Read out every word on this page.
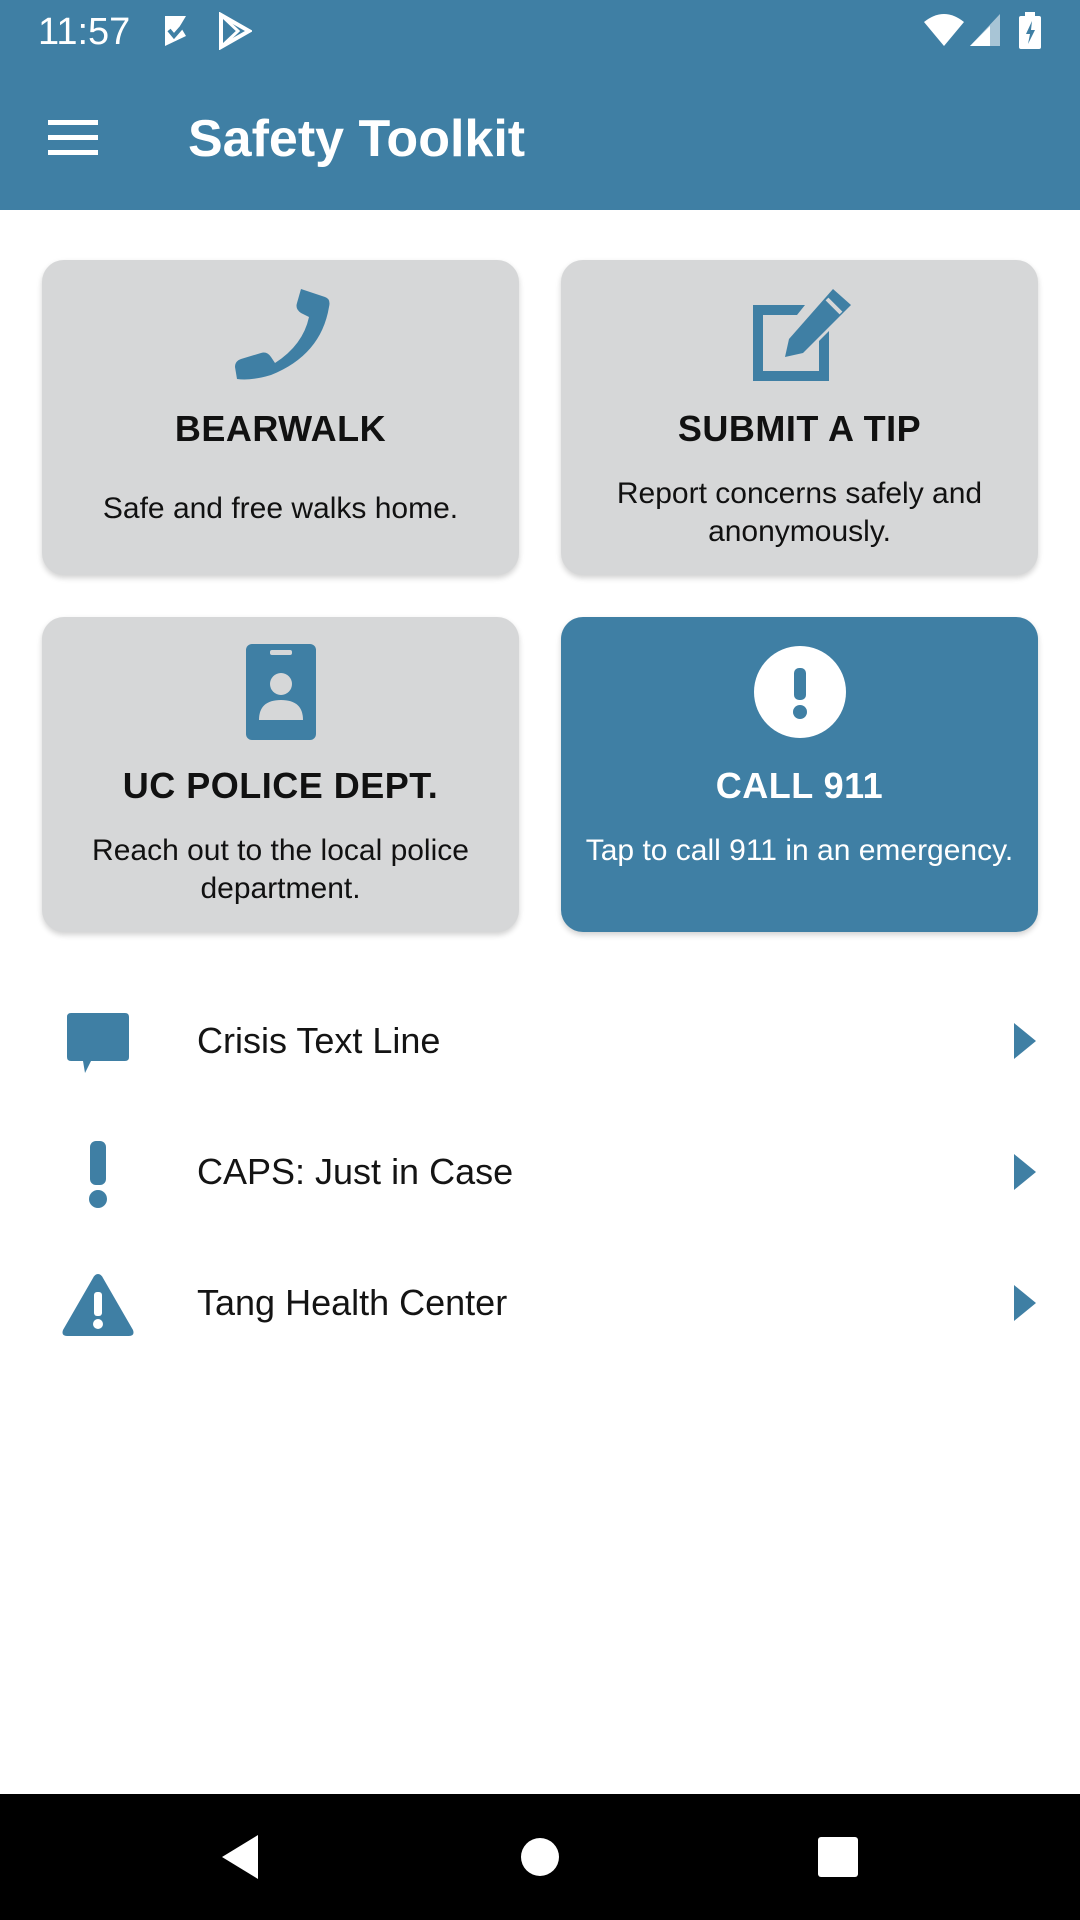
11:57
Safety Toolkit
BEARWALK
Safe and free walks home.
SUBMIT A TIP
Report concerns safely and anonymously.
UC POLICE DEPT.
Reach out to the local police department.
CALL 911
Tap to call 911 in an emergency.
Crisis Text Line
CAPS: Just in Case
Tang Health Center
